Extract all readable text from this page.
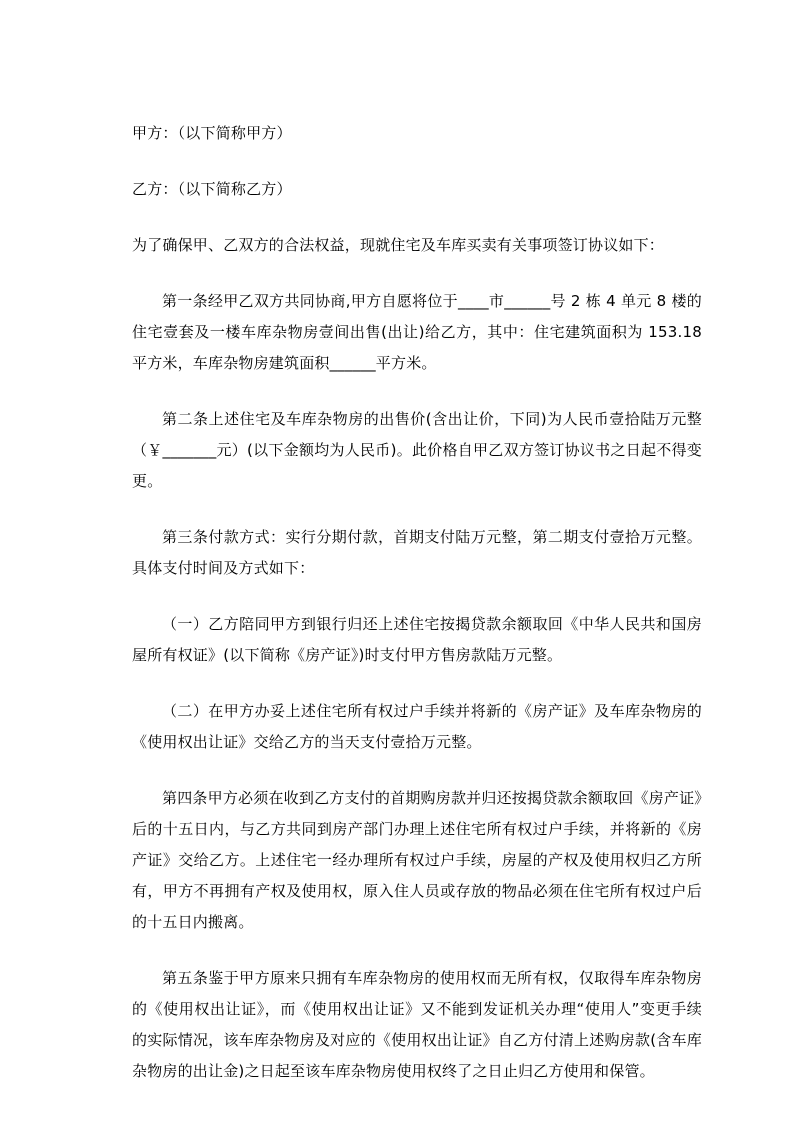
甲方：（以下简称甲方）

乙方：（以下简称乙方）

为了确保甲、乙双方的合法权益，现就住宅及车库买卖有关事项签订协议如下：

第一条经甲乙双方共同协商,甲方自愿将位于____市______号 2 栋 4 单元 8 楼的住宅壹套及一楼车库杂物房壹间出售(出让)给乙方，其中：住宅建筑面积为 153.18 平方米，车库杂物房建筑面积______平方米。

第二条上述住宅及车库杂物房的出售价(含出让价，下同)为人民币壹拾陆万元整（￥_______元）(以下金额均为人民币)。此价格自甲乙双方签订协议书之日起不得变更。

第三条付款方式：实行分期付款，首期支付陆万元整，第二期支付壹拾万元整。具体支付时间及方式如下：

（一）乙方陪同甲方到银行归还上述住宅按揭贷款余额取回《中华人民共和国房屋所有权证》(以下简称《房产证》)时支付甲方售房款陆万元整。

（二）在甲方办妥上述住宅所有权过户手续并将新的《房产证》及车库杂物房的《使用权出让证》交给乙方的当天支付壹拾万元整。

第四条甲方必须在收到乙方支付的首期购房款并归还按揭贷款余额取回《房产证》后的十五日内，与乙方共同到房产部门办理上述住宅所有权过户手续，并将新的《房产证》交给乙方。上述住宅一经办理所有权过户手续，房屋的产权及使用权归乙方所有，甲方不再拥有产权及使用权，原入住人员或存放的物品必须在住宅所有权过户后的十五日内搬离。

第五条鉴于甲方原来只拥有车库杂物房的使用权而无所有权，仅取得车库杂物房的《使用权出让证》，而《使用权出让证》又不能到发证机关办理“使用人”变更手续的实际情况，该车库杂物房及对应的《使用权出让证》自乙方付清上述购房款(含车库杂物房的出让金)之日起至该车库杂物房使用权终了之日止归乙方使用和保管。
